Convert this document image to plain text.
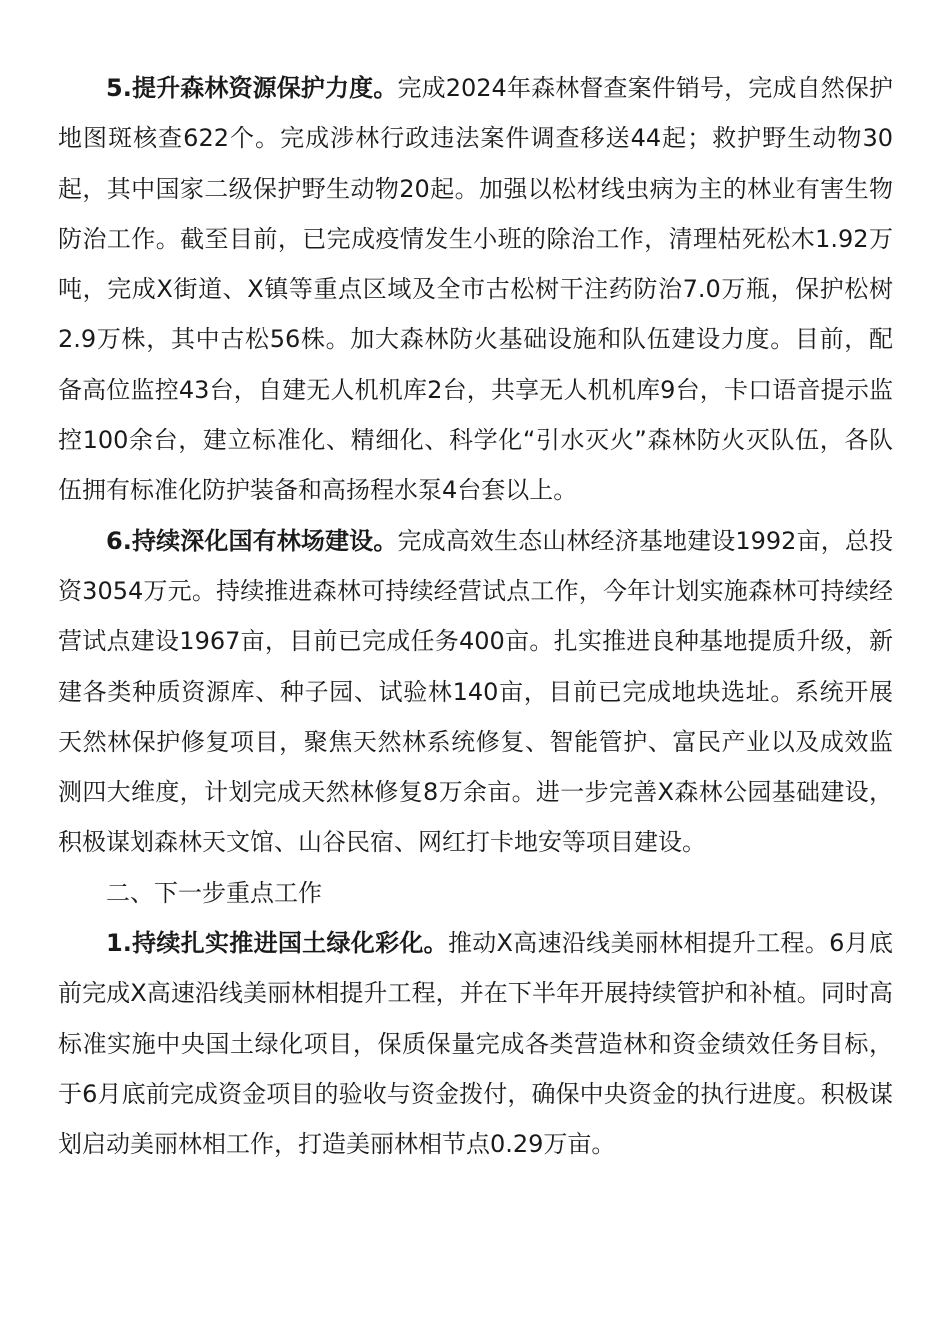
5.提升森林资源保护力度。完成2024年森林督查案件销号，完成自然保护地图斑核查622个。完成涉林行政违法案件调查移送44起；救护野生动物30起，其中国家二级保护野生动物20起。加强以松材线虫病为主的林业有害生物防治工作。截至目前，已完成疫情发生小班的除治工作，清理枯死松木1.92万吨，完成X街道、X镇等重点区域及全市古松树干注药防治7.0万瓶，保护松树2.9万株，其中古松56株。加大森林防火基础设施和队伍建设力度。目前，配备高位监控43台，自建无人机机库2台，共享无人机机库9台，卡口语音提示监控100余台，建立标准化、精细化、科学化“引水灭火”森林防火灭队伍，各队伍拥有标准化防护装备和高扬程水泵4台套以上。

6.持续深化国有林场建设。完成高效生态山林经济基地建设1992亩，总投资3054万元。持续推进森林可持续经营试点工作，今年计划实施森林可持续经营试点建设1967亩，目前已完成任务400亩。扎实推进良种基地提质升级，新建各类种质资源库、种子园、试验林140亩，目前已完成地块选址。系统开展天然林保护修复项目，聚焦天然林系统修复、智能管护、富民产业以及成效监测四大维度，计划完成天然林修复8万余亩。进一步完善X森林公园基础建设，积极谋划森林天文馆、山谷民宿、网红打卡地安等项目建设。

二、下一步重点工作

1.持续扎实推进国土绿化彩化。推动X高速沿线美丽林相提升工程。6月底前完成X高速沿线美丽林相提升工程，并在下半年开展持续管护和补植。同时高标准实施中央国土绿化项目，保质保量完成各类营造林和资金绩效任务目标，于6月底前完成资金项目的验收与资金拨付，确保中央资金的执行进度。积极谋划启动美丽林相工作，打造美丽林相节点0.29万亩。
